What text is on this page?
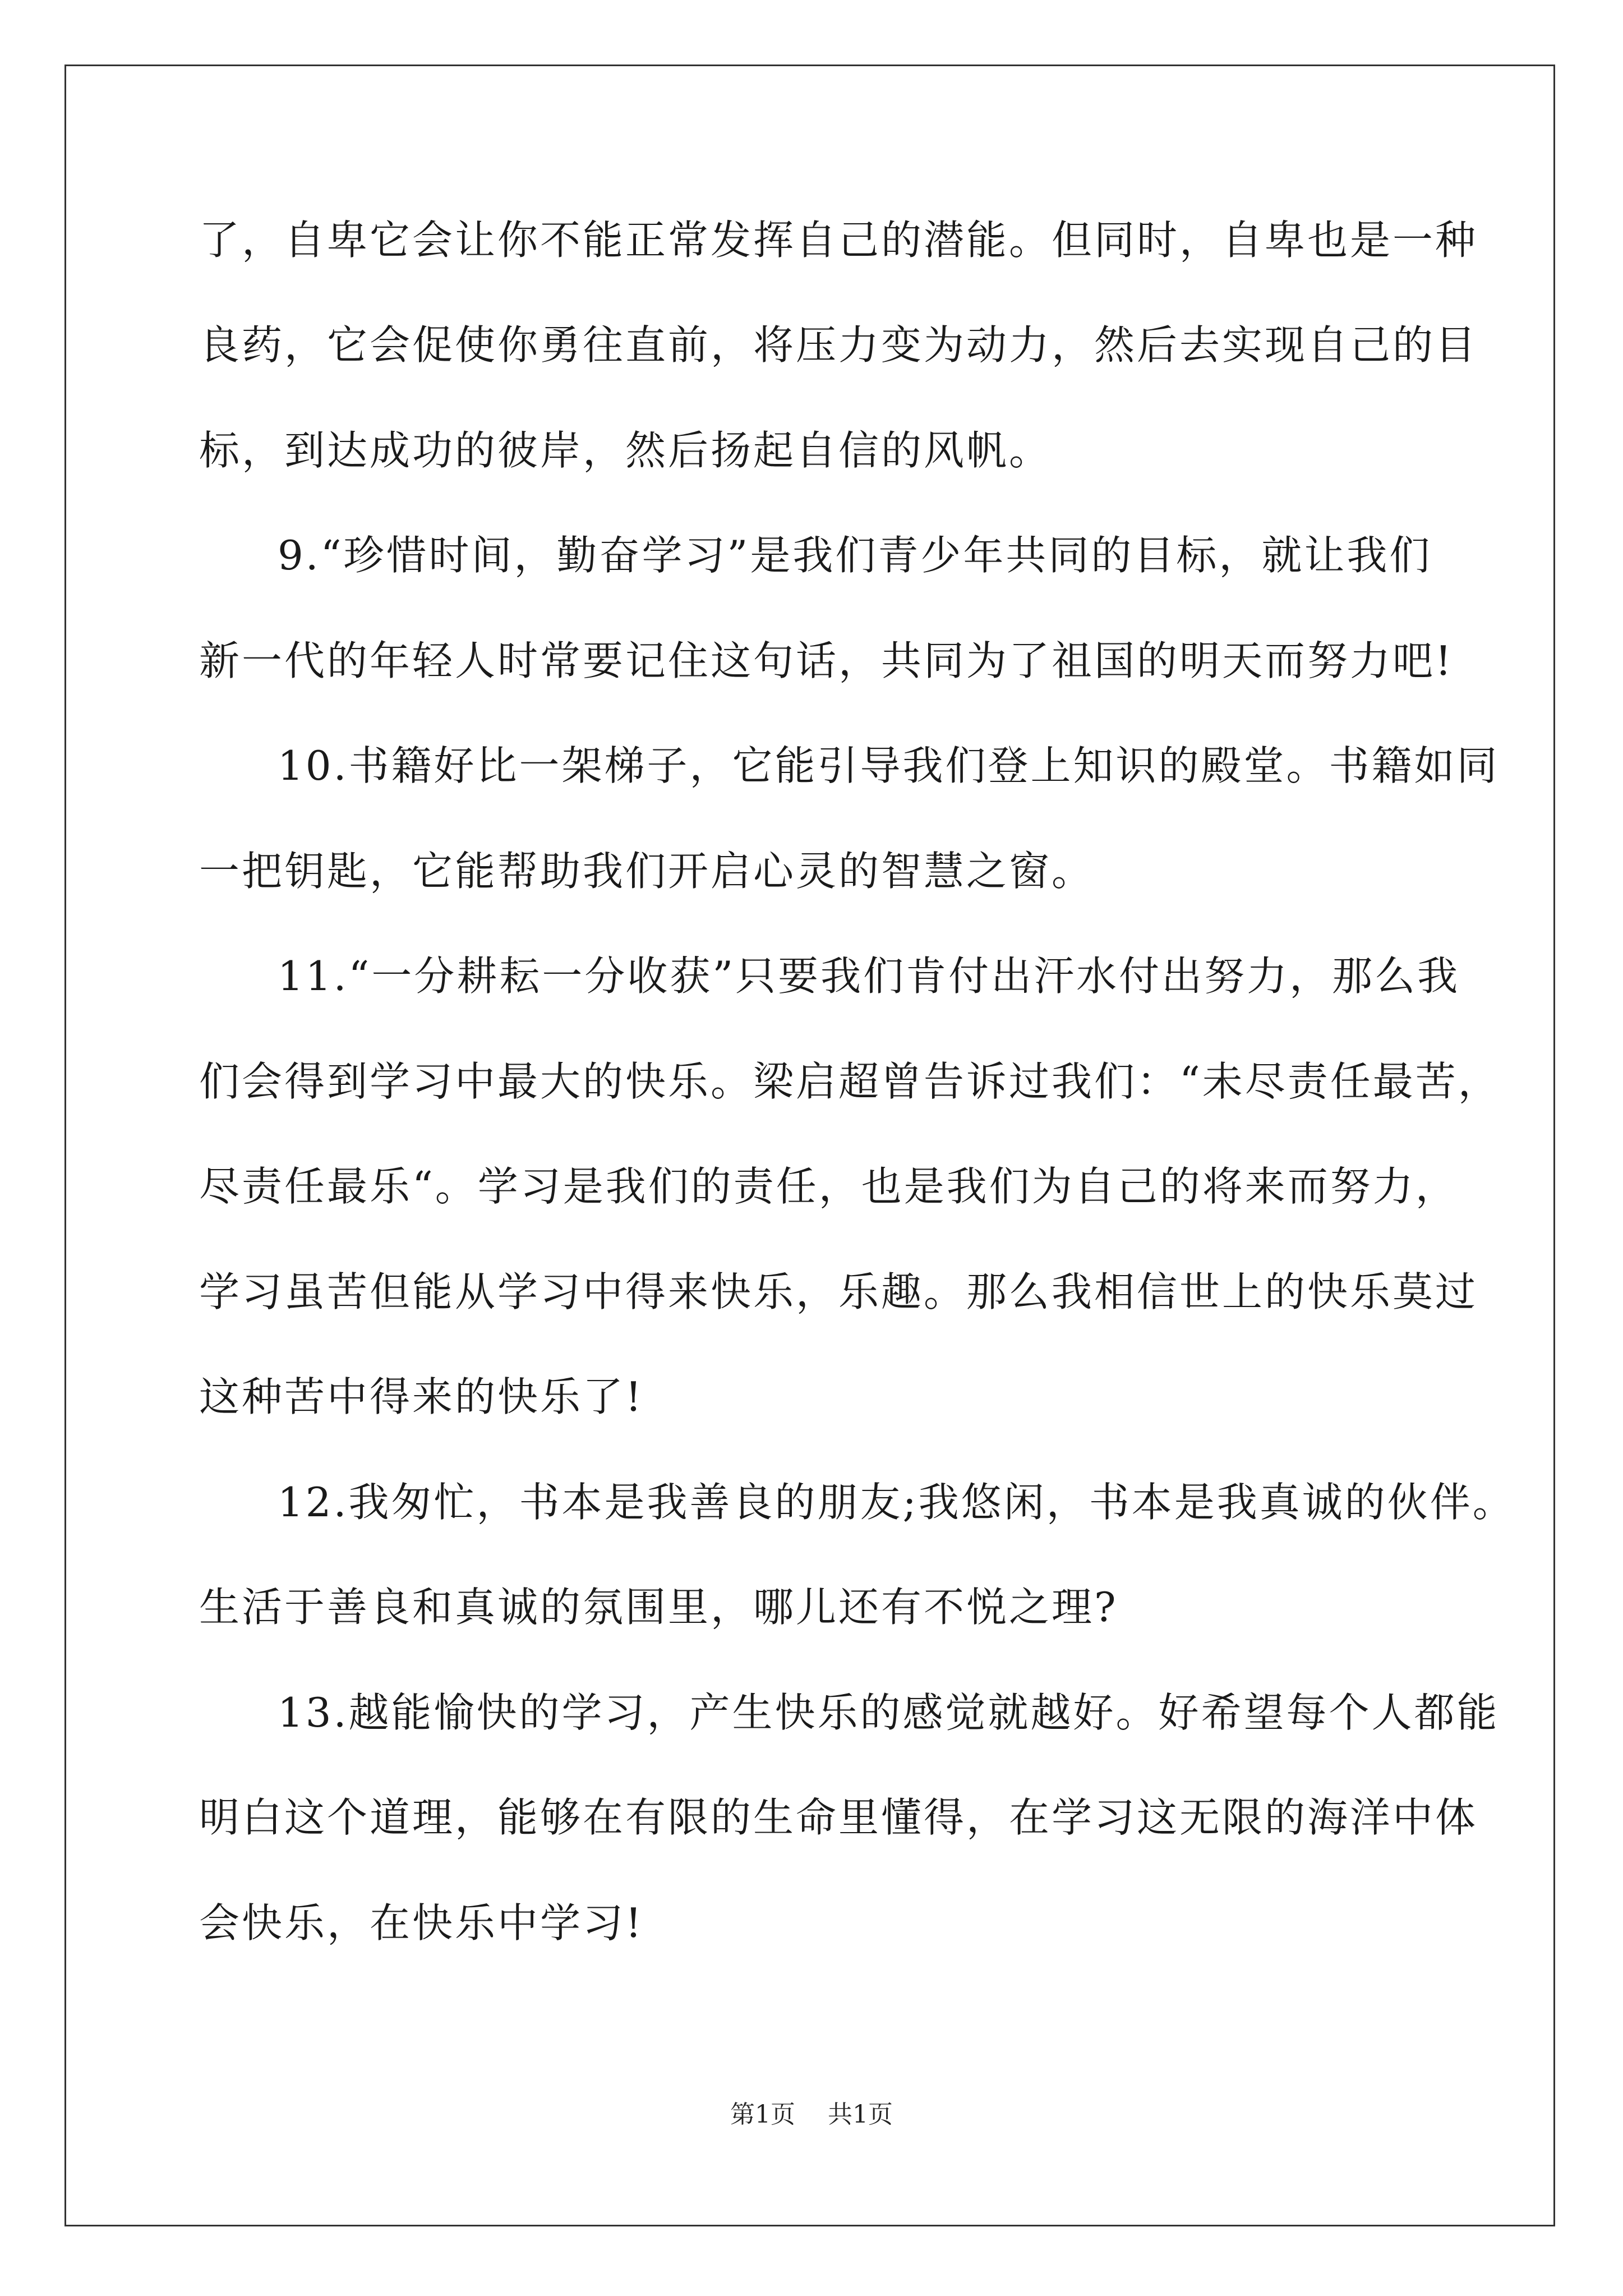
了，自卑它会让你不能正常发挥自己的潜能。但同时，自卑也是一种
良药，它会促使你勇往直前，将压力变为动力，然后去实现自己的目
标，到达成功的彼岸，然后扬起自信的风帆。
9.“珍惜时间，勤奋学习”是我们青少年共同的目标，就让我们
新一代的年轻人时常要记住这句话，共同为了祖国的明天而努力吧!
10.书籍好比一架梯子，它能引导我们登上知识的殿堂。书籍如同
一把钥匙，它能帮助我们开启心灵的智慧之窗。
11.“一分耕耘一分收获”只要我们肯付出汗水付出努力，那么我
们会得到学习中最大的快乐。梁启超曾告诉过我们：“未尽责任最苦，
尽责任最乐“。学习是我们的责任，也是我们为自己的将来而努力，
学习虽苦但能从学习中得来快乐，乐趣。那么我相信世上的快乐莫过
这种苦中得来的快乐了!
12.我匆忙，书本是我善良的朋友;我悠闲，书本是我真诚的伙伴。
生活于善良和真诚的氛围里，哪儿还有不悦之理?
13.越能愉快的学习，产生快乐的感觉就越好。好希望每个人都能
明白这个道理，能够在有限的生命里懂得，在学习这无限的海洋中体
会快乐，在快乐中学习!
第1页 共1页
